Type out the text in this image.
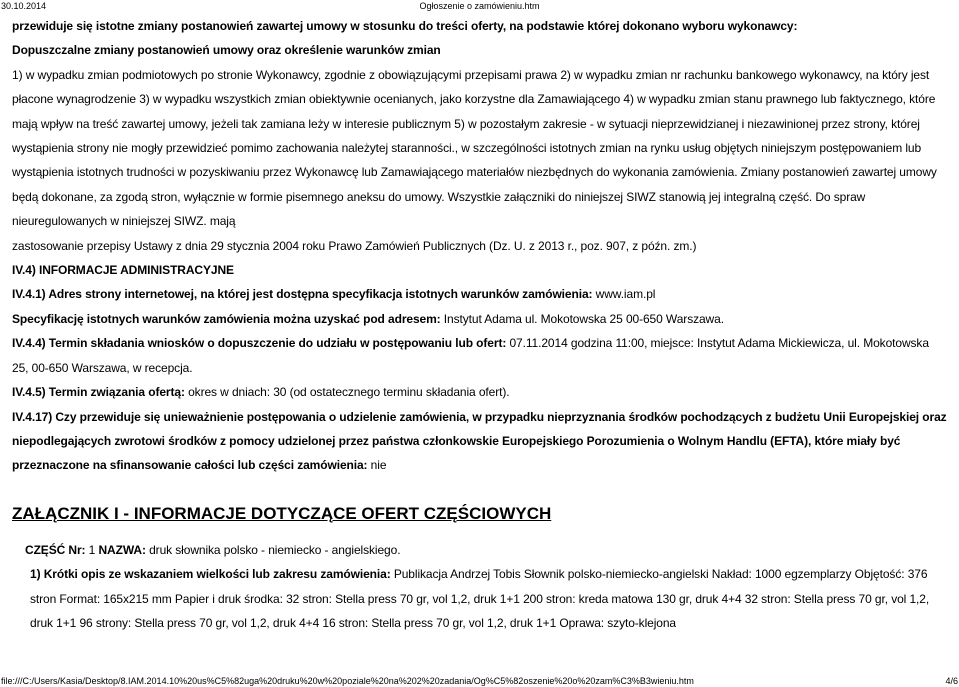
30.10.2014	Ogłoszenie o zamówieniu.htm

przewiduje się istotne zmiany postanowień zawartej umowy w stosunku do treści oferty, na podstawie której dokonano wyboru wykonawcy:

Dopuszczalne zmiany postanowień umowy oraz określenie warunków zmian

1) w wypadku zmian podmiotowych po stronie Wykonawcy, zgodnie z obowiązującymi przepisami prawa 2) w wypadku zmian nr rachunku bankowego wykonawcy, na który jest płacone wynagrodzenie 3) w wypadku wszystkich zmian obiektywnie ocenianych, jako korzystne dla Zamawiającego 4) w wypadku zmian stanu prawnego lub faktycznego, które mają wpływ na treść zawartej umowy, jeżeli tak zamiana leży w interesie publicznym 5) w pozostałym zakresie - w sytuacji nieprzewidzianej i niezawinionej przez strony, której wystąpienia strony nie mogły przewidzieć pomimo zachowania należytej staranności., w szczególności istotnych zmian na rynku usług objętych niniejszym postępowaniem lub wystąpienia istotnych trudności w pozyskiwaniu przez Wykonawcę lub Zamawiającego materiałów niezbędnych do wykonania zamówienia. Zmiany postanowień zawartej umowy będą dokonane, za zgodą stron, wyłącznie w formie pisemnego aneksu do umowy. Wszystkie załączniki do niniejszej SIWZ stanowią jej integralną część. Do spraw nieuregulowanych w niniejszej SIWZ. mają

zastosowanie przepisy Ustawy z dnia 29 stycznia 2004 roku Prawo Zamówień Publicznych (Dz. U. z 2013 r., poz. 907, z późn. zm.)

IV.4) INFORMACJE ADMINISTRACYJNE

IV.4.1) Adres strony internetowej, na której jest dostępna specyfikacja istotnych warunków zamówienia: www.iam.pl

Specyfikację istotnych warunków zamówienia można uzyskać pod adresem: Instytut Adama ul. Mokotowska 25 00-650 Warszawa.

IV.4.4) Termin składania wniosków o dopuszczenie do udziału w postępowaniu lub ofert: 07.11.2014 godzina 11:00, miejsce: Instytut Adama Mickiewicza, ul. Mokotowska 25, 00-650 Warszawa, w recepcja.

IV.4.5) Termin związania ofertą: okres w dniach: 30 (od ostatecznego terminu składania ofert).

IV.4.17) Czy przewiduje się unieważnienie postępowania o udzielenie zamówienia, w przypadku nieprzyznania środków pochodzących z budżetu Unii Europejskiej oraz niepodlegających zwrotowi środków z pomocy udzielonej przez państwa członkowskie Europejskiego Porozumienia o Wolnym Handlu (EFTA), które miały być przeznaczone na sfinansowanie całości lub części zamówienia: nie

ZAŁĄCZNIK I - INFORMACJE DOTYCZĄCE OFERT CZĘŚCIOWYCH

CZĘŚĆ Nr: 1 NAZWA: druk słownika polsko - niemiecko - angielskiego.

1) Krótki opis ze wskazaniem wielkości lub zakresu zamówienia: Publikacja Andrzej Tobis Słownik polsko-niemiecko-angielski Nakład: 1000 egzemplarzy Objętość: 376 stron Format: 165x215 mm Papier i druk środka: 32 stron: Stella press 70 gr, vol 1,2, druk 1+1 200 stron: kreda matowa 130 gr, druk 4+4 32 stron: Stella press 70 gr, vol 1,2, druk 1+1 96 strony: Stella press 70 gr, vol 1,2, druk 4+4 16 stron: Stella press 70 gr, vol 1,2, druk 1+1 Oprawa: szyto-klejona

file:///C:/Users/Kasia/Desktop/8.IAM.2014.10%20us%C5%82uga%20druku%20w%20poziale%20na%202%20zadania/Og%C5%82oszenie%20o%20zam%C3%B3wieniu.htm	4/6
